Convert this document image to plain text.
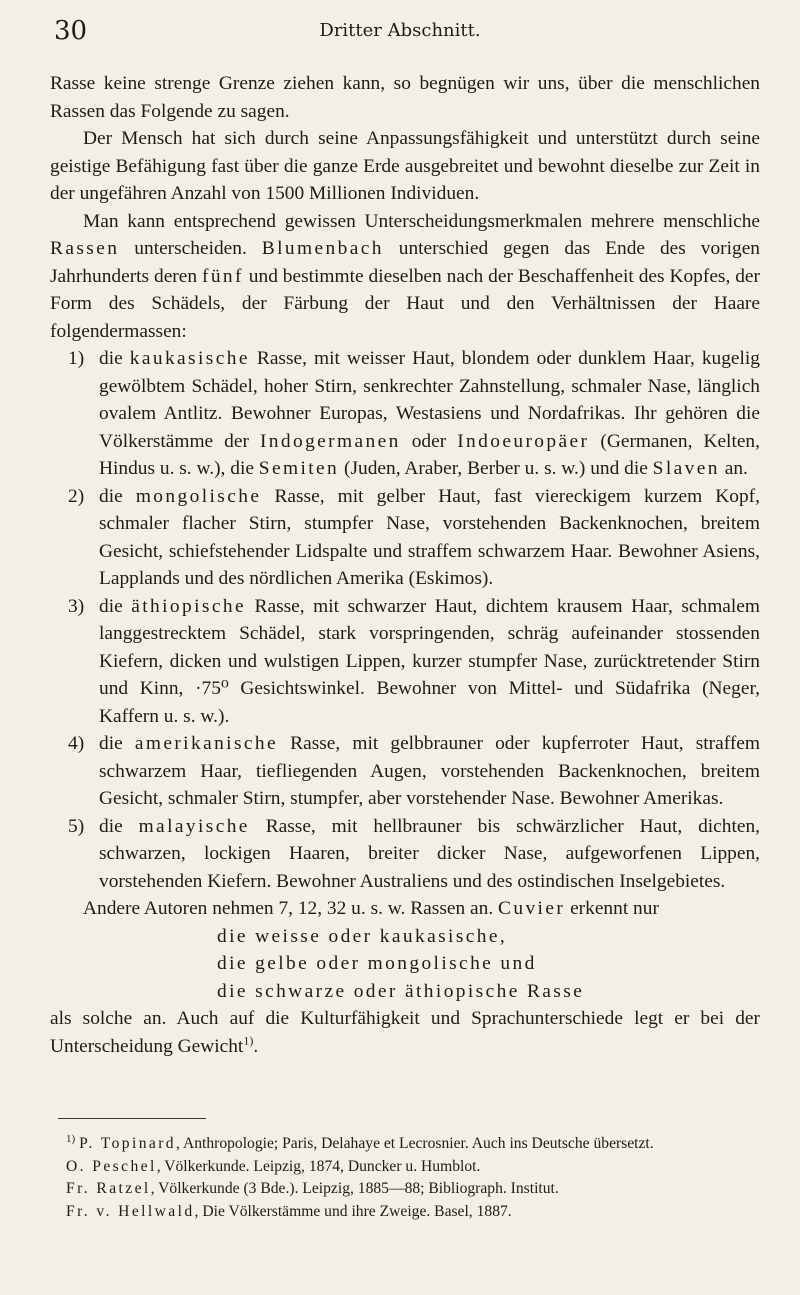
30	Dritter Abschnitt.

Rasse keine strenge Grenze ziehen kann, so begnügen wir uns, über die menschlichen Rassen das Folgende zu sagen.

Der Mensch hat sich durch seine Anpassungsfähigkeit und unterstützt durch seine geistige Befähigung fast über die ganze Erde ausgebreitet und bewohnt dieselbe zur Zeit in der ungefähren Anzahl von 1500 Millionen Individuen.

Man kann entsprechend gewissen Unterscheidungsmerkmalen mehrere menschliche Rassen unterscheiden. Blumenbach unterschied gegen das Ende des vorigen Jahrhunderts deren fünf und bestimmte dieselben nach der Beschaffenheit des Kopfes, der Form des Schädels, der Färbung der Haut und den Verhältnissen der Haare folgendermassen:

1) die kaukasische Rasse, mit weisser Haut, blondem oder dunklem Haar, kugelig gewölbtem Schädel, hoher Stirn, senkrechter Zahnstellung, schmaler Nase, länglich ovalem Antlitz. Bewohner Europas, Westasiens und Nordafrikas. Ihr gehören die Völkerstämme der Indogermanen oder Indoeuropäer (Germanen, Kelten, Hindus u. s. w.), die Semiten (Juden, Araber, Berber u. s. w.) und die Slaven an.
2) die mongolische Rasse, mit gelber Haut, fast viereckigem kurzem Kopf, schmaler flacher Stirn, stumpfer Nase, vorstehenden Backenknochen, breitem Gesicht, schiefstehender Lidspalte und straffem schwarzem Haar. Bewohner Asiens, Lapplands und des nördlichen Amerika (Eskimos).
3) die äthiopische Rasse, mit schwarzer Haut, dichtem krausem Haar, schmalem langgestrecktem Schädel, stark vorspringenden, schräg aufeinander stossenden Kiefern, dicken und wulstigen Lippen, kurzer stumpfer Nase, zurücktretender Stirn und Kinn, ·75⁰ Gesichtswinkel. Bewohner von Mittel- und Südafrika (Neger, Kaffern u. s. w.).
4) die amerikanische Rasse, mit gelbbrauner oder kupferroter Haut, straffem schwarzem Haar, tiefliegenden Augen, vorstehenden Backenknochen, breitem Gesicht, schmaler Stirn, stumpfer, aber vorstehender Nase. Bewohner Amerikas.
5) die malayische Rasse, mit hellbrauner bis schwärzlicher Haut, dichten, schwarzen, lockigen Haaren, breiter dicker Nase, aufgeworfenen Lippen, vorstehenden Kiefern. Bewohner Australiens und des ostindischen Inselgebietes.

Andere Autoren nehmen 7, 12, 32 u. s. w. Rassen an. Cuvier erkennt nur

die weisse oder kaukasische,
die gelbe oder mongolische und
die schwarze oder äthiopische Rasse

als solche an. Auch auf die Kulturfähigkeit und Sprachunterschiede legt er bei der Unterscheidung Gewicht$^{1)}$.

$^{1)}$ P. Topinard, Anthropologie; Paris, Delahaye et Lecrosnier. Auch ins Deutsche übersetzt.

O. Peschel, Völkerkunde. Leipzig, 1874, Duncker u. Humblot.

Fr. Ratzel, Völkerkunde (3 Bde.). Leipzig, 1885—88; Bibliograph. Institut.

Fr. v. Hellwald, Die Völkerstämme und ihre Zweige. Basel, 1887.
